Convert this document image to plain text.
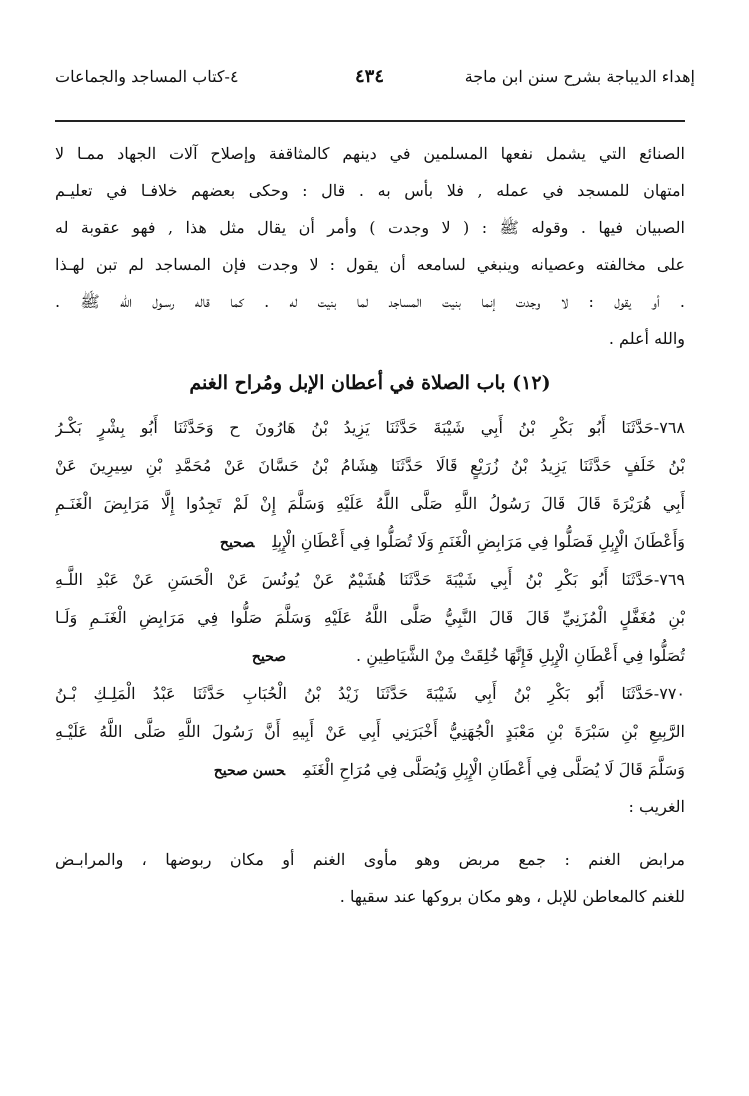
إهداء الديباجة بشرح سنن ابن ماجة
٤٣٤
٤-كتاب المساجد والجماعات
الصنائع التي يشمل نفعها المسلمين في دينهم كالمثاقفة وإصلاح آلات الجهاد ممـا لا
امتهان للمسجد في عمله , فلا بأس به . قال : وحكى بعضهم خلافـا في تعليـم
الصبيان فيها . وقوله ﷺ : ( لا وجدت ) وأمر أن يقال مثل هذا , فهو عقوبة له
على مخالفته وعصيانه وينبغي لسامعه أن يقول : لا وجدت فإن المساجد لم تبن لهـذا
. أو يقول : لا وجدت إنما بنيت المساجد لما بنيت له . كما قاله رسـول الله ﷺ .
والله أعلم .
(١٢) باب الصلاة في أعطان الإبل ومُراح الغنم
٧٦٨-حَدَّثَنَا أَبُو بَكْرِ بْنُ أَبِي شَيْبَةَ حَدَّثَنَا يَزِيدُ بْنُ هَارُونَ ح وَحَدَّثَنَا أَبُو بِشْرٍ بَكْـرُ
بْنُ خَلَفٍ حَدَّثَنَا يَزِيدُ بْنُ زُرَيْعٍ قَالَا حَدَّثَنَا هِشَامُ بْنُ حَسَّانَ عَنْ مُحَمَّدِ بْنِ سِيرِينَ عَنْ
أَبِي هُرَيْرَةَ قَالَ قَالَ رَسُولُ اللَّهِ صَلَّى اللَّهُ عَلَيْهِ وَسَلَّمَ إِنْ لَمْ تَجِدُوا إِلَّا مَرَابِضَ الْغَنَـمِ
وَأَعْطَانَ الْإِبِلِ فَصَلُّوا فِي مَرَابِضِ الْغَنَمِ وَلَا تُصَلُّوا فِي أَعْطَانِ الْإِبِلِصحيح
٧٦٩-حَدَّثَنَا أَبُو بَكْرِ بْنُ أَبِي شَيْبَةَ حَدَّثَنَا هُشَيْمٌ عَنْ يُونُسَ عَنْ الْحَسَنِ عَنْ عَبْدِ اللَّـهِ
بْنِ مُغَفَّلٍ الْمُزَنِيِّ قَالَ قَالَ النَّبِيُّ صَلَّى اللَّهُ عَلَيْهِ وَسَلَّمَ صَلُّوا فِي مَرَابِضِ الْغَنَـمِ وَلَـا
تُصَلُّوا فِي أَعْطَانِ الْإِبِلِ فَإِنَّهَا خُلِقَتْ مِنْ الشَّيَاطِينِ .صحيح
٧٧٠-حَدَّثَنَا أَبُو بَكْرِ بْنُ أَبِي شَيْبَةَ حَدَّثَنَا زَيْدُ بْنُ الْحُبَابِ حَدَّثَنَا عَبْدُ الْمَلِـكِ بْـنُ
الرَّبِيعِ بْنِ سَبْرَةَ بْنِ مَعْبَدٍ الْجُهَنِيُّ أَخْبَرَنِي أَبِي عَنْ أَبِيهِ أَنَّ رَسُولَ اللَّهِ صَلَّى اللَّهُ عَلَيْـهِ
وَسَلَّمَ قَالَ لَا يُصَلَّى فِي أَعْطَانِ الْإِبِلِ وَيُصَلَّى فِي مُرَاحِ الْغَنَمِحسن صحيح
الغريب :
مرابض الغنم : جمع مربض وهو مأوى الغنم أو مكان ربوضها ، والمرابـض
للغنم كالمعاطن للإبل ، وهو مكان بروكها عند سقيها .
